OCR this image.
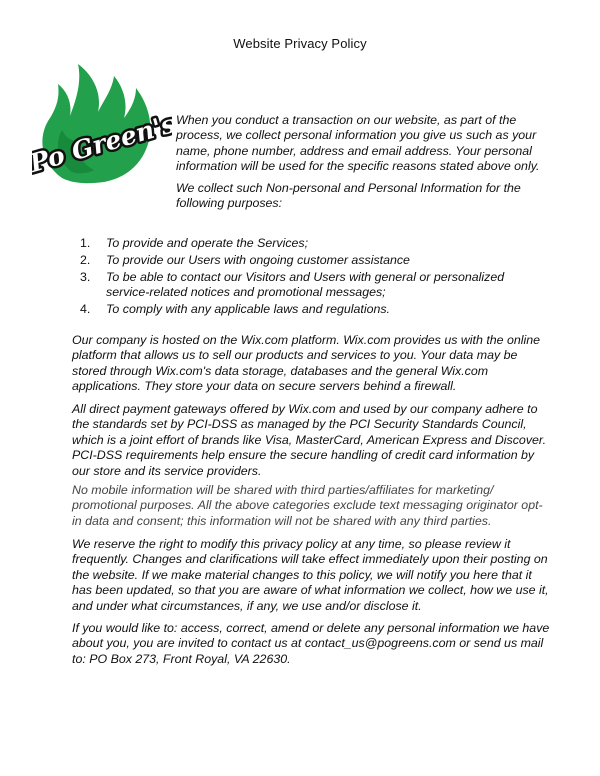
Website Privacy Policy
Po Green's

When you conduct a transaction on our website, as part of the process, we collect personal information you give us such as your name, phone number, address and email address. Your personal information will be used for the specific reasons stated above only.

We collect such Non-personal and Personal Information for the following purposes:

1.	To provide and operate the Services;
2.	To provide our Users with ongoing customer assistance
3.	To be able to contact our Visitors and Users with general or personalized service-related notices and promotional messages;
4.	To comply with any applicable laws and regulations.

Our company is hosted on the Wix.com platform. Wix.com provides us with the online platform that allows us to sell our products and services to you. Your data may be stored through Wix.com's data storage, databases and the general Wix.com applications. They store your data on secure servers behind a firewall.

All direct payment gateways offered by Wix.com and used by our company adhere to the standards set by PCI-DSS as managed by the PCI Security Standards Council, which is a joint effort of brands like Visa, MasterCard, American Express and Discover. PCI-DSS requirements help ensure the secure handling of credit card information by our store and its service providers.

No mobile information will be shared with third parties/affiliates for marketing/ promotional purposes. All the above categories exclude text messaging originator opt-in data and consent; this information will not be shared with any third parties.

We reserve the right to modify this privacy policy at any time, so please review it frequently. Changes and clarifications will take effect immediately upon their posting on the website. If we make material changes to this policy, we will notify you here that it has been updated, so that you are aware of what information we collect, how we use it, and under what circumstances, if any, we use and/or disclose it.

If you would like to: access, correct, amend or delete any personal information we have about you, you are invited to contact us at contact_us@pogreens.com or send us mail to: PO Box 273, Front Royal, VA 22630.
